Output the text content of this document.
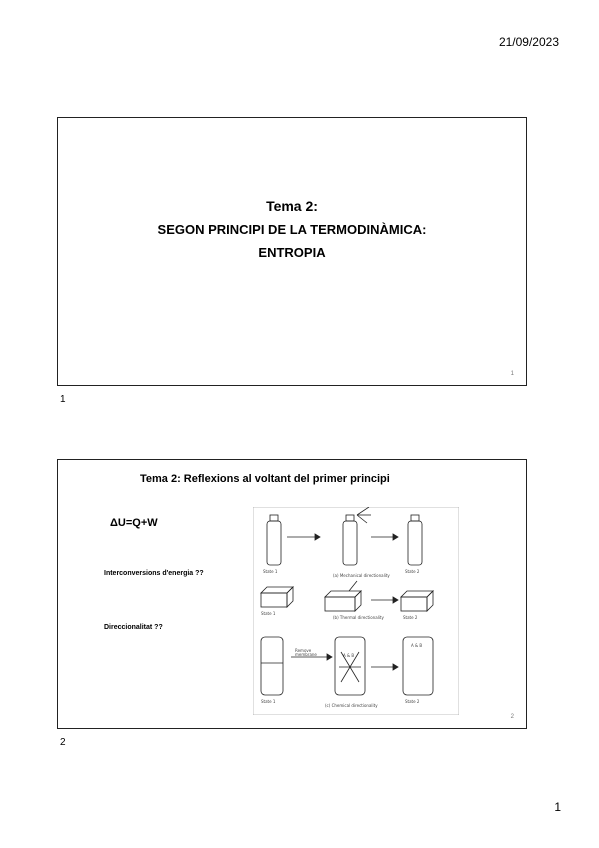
21/09/2023
Tema 2:
SEGON PRINCIPI DE LA TERMODINÀMICA:
ENTROPIA
1
1
Tema 2: Reflexions al voltant del primer principi
ΔU=Q+W
Interconversions d'energia ??
Direccionalitat ??
State 1
(a) Mechanical directionality
State 2
State 1
(b) Thermal directionality	State 2
A & B
A & B
State 1
(c) Chemical directionality
State 2
Remove
membrane
2
2
1
